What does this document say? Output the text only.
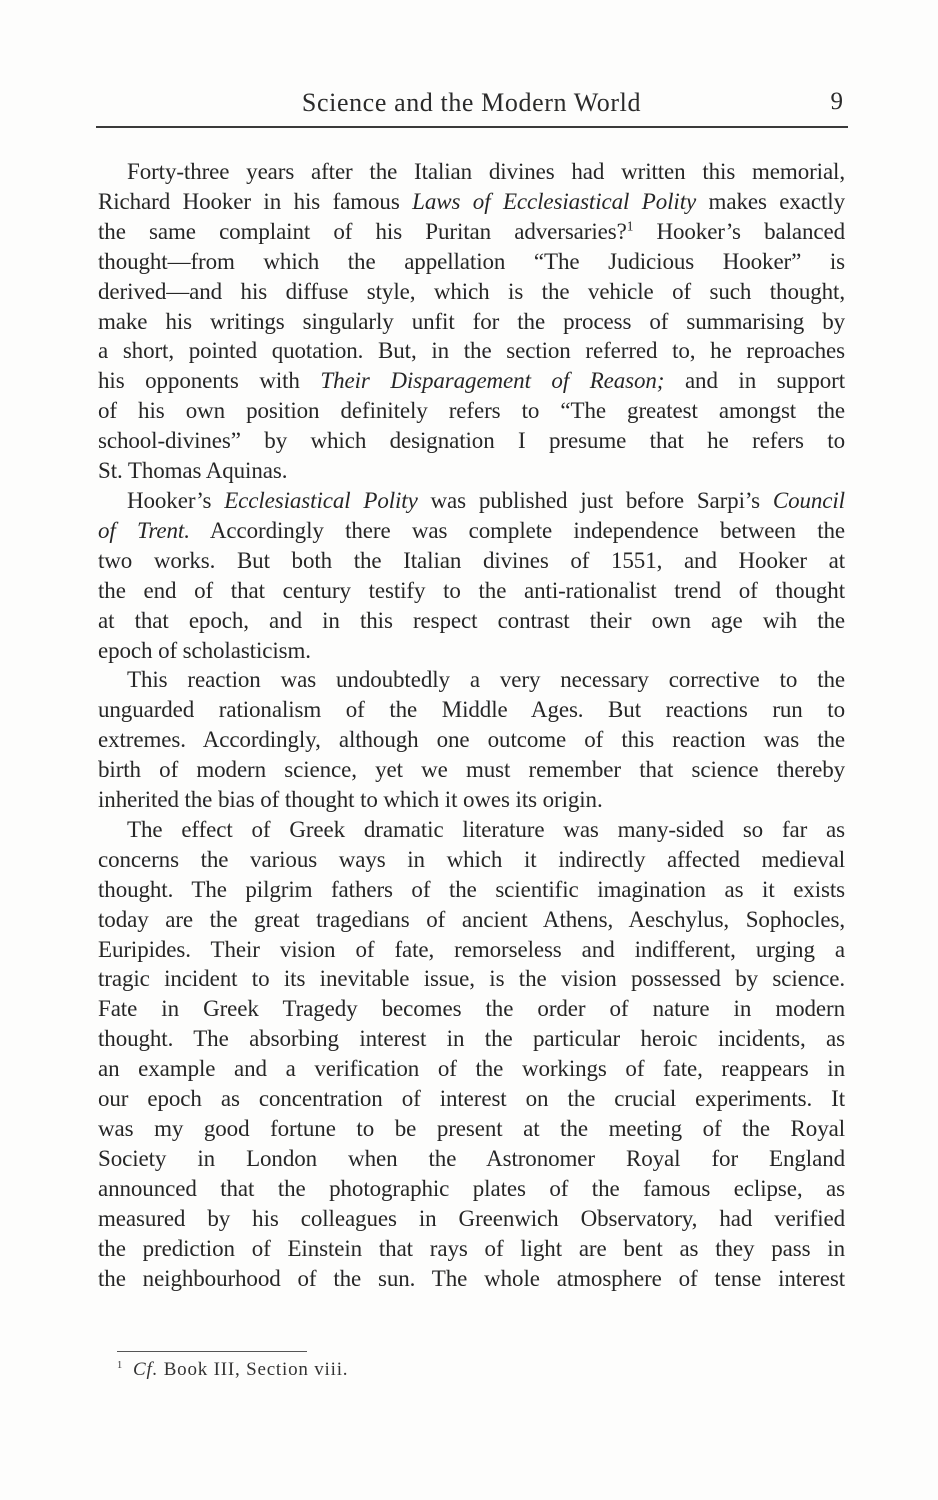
Science and the Modern World	9
Forty-three years after the Italian divines had written this memorial,
Richard Hooker in his famous Laws of Ecclesiastical Polity makes exactly
the same complaint of his Puritan adversaries?$^1$ Hooker’s balanced
thought—from which the appellation “The Judicious Hooker” is
derived—and his diffuse style, which is the vehicle of such thought,
make his writings singularly unfit for the process of summarising by
a short, pointed quotation. But, in the section referred to, he reproaches
his opponents with Their Disparagement of Reason; and in support
of his own position definitely refers to “The greatest amongst the
school-divines” by which designation I presume that he refers to
St. Thomas Aquinas.
Hooker’s Ecclesiastical Polity was published just before Sarpi’s Council
of Trent. Accordingly there was complete independence between the
two works. But both the Italian divines of 1551, and Hooker at
the end of that century testify to the anti-rationalist trend of thought
at that epoch, and in this respect contrast their own age wih the
epoch of scholasticism.
This reaction was undoubtedly a very necessary corrective to the
unguarded rationalism of the Middle Ages. But reactions run to
extremes. Accordingly, although one outcome of this reaction was the
birth of modern science, yet we must remember that science thereby
inherited the bias of thought to which it owes its origin.
The effect of Greek dramatic literature was many-sided so far as
concerns the various ways in which it indirectly affected medieval
thought. The pilgrim fathers of the scientific imagination as it exists
today are the great tragedians of ancient Athens, Aeschylus, Sophocles,
Euripides. Their vision of fate, remorseless and indifferent, urging a
tragic incident to its inevitable issue, is the vision possessed by science.
Fate in Greek Tragedy becomes the order of nature in modern
thought. The absorbing interest in the particular heroic incidents, as
an example and a verification of the workings of fate, reappears in
our epoch as concentration of interest on the crucial experiments. It
was my good fortune to be present at the meeting of the Royal
Society in London when the Astronomer Royal for England
announced that the photographic plates of the famous eclipse, as
measured by his colleagues in Greenwich Observatory, had verified
the prediction of Einstein that rays of light are bent as they pass in
the neighbourhood of the sun. The whole atmosphere of tense interest
$^1$ Cf. Book III, Section viii.
